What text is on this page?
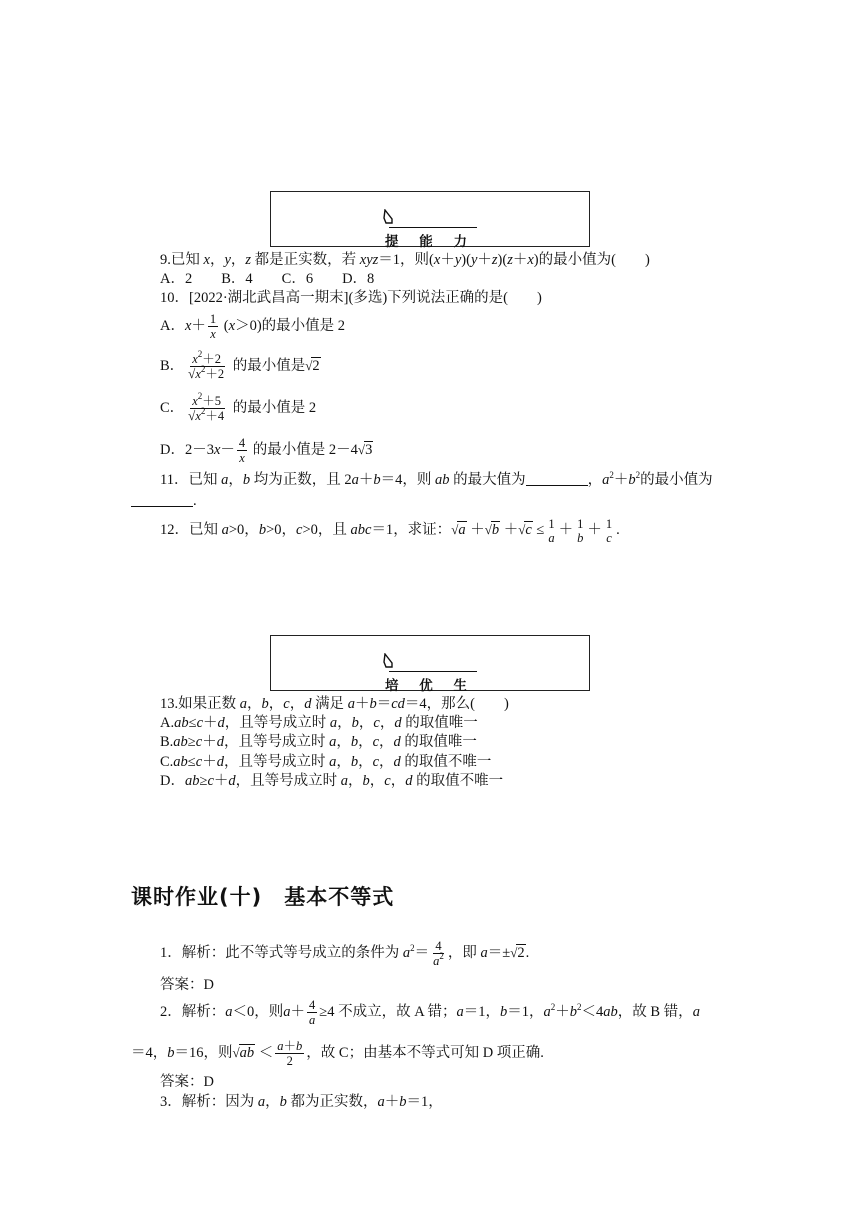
提 能 力
9.已知 x，y，z 都是正实数，若 xyz＝1，则(x＋y)(y＋z)(z＋x)的最小值为(　　)
A．2　　B．4　　C．6　　D．8
10．[2022·湖北武昌高一期末](多选)下列说法正确的是(　　)
A．$x+ \frac{1}{x} (x>0)$的最小值是 2
B． $\frac{x^2+2}{√x^2+2}$ 的最小值是√2
C． $\frac{x^2+5}{√x^2+4}$ 的最小值是 2
D．$2-3x- \frac{4}{x}$ 的最小值是 2－4√3
11．已知 a，b 均为正数，且 2a＋b＝4，则 ab 的最大值为	，$a^2+b^2$的最小值为
.
12．已知 a>0，b>0，c>0，且 abc＝1，求证：√a ＋√b ＋√c ≤ 1
a ＋ 1
b ＋ 1
c .
培 优 生
13.如果正数 a，b，c，d 满足 a＋b＝cd＝4，那么(　　)
A.ab≤c＋d，且等号成立时 a，b，c，d 的取值唯一
B.ab≥c＋d，且等号成立时 a，b，c，d 的取值唯一
C.ab≤c＋d，且等号成立时 a，b，c，d 的取值不唯一
D．ab≥c＋d，且等号成立时 a，b，c，d 的取值不唯一
课时作业(十)　基本不等式
1．解析：此不等式等号成立的条件为 $a^2= \frac{4}{a^2}$ ，即 a＝±√2.
答案：D
2．解析：a＜0，则$a+ \frac{4}{a} \ge 4$ 不成立，故 A 错；a＝1，b＝1，$a^2+b^2<4ab$，故 B 错，a
＝4，b＝16，则$√ab < \frac{a+b}{2}$ ，故 C；由基本不等式可知 D 项正确.
答案：D
3．解析：因为 a，b 都为正实数，a＋b＝1，
